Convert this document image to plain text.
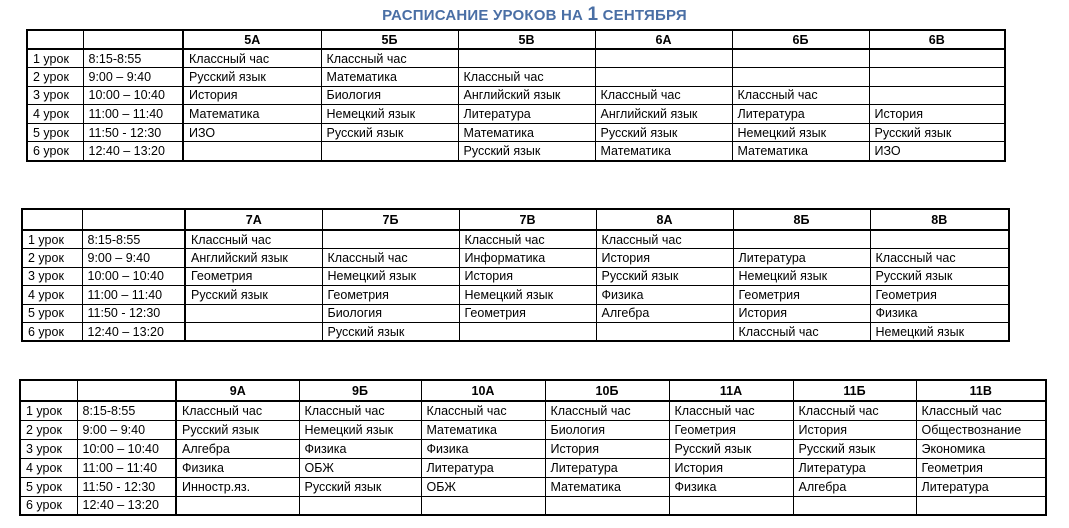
РАСПИСАНИЕ УРОКОВ НА 1 СЕНТЯБРЯ
		5А	5Б	5В	6А	6Б	6В
1 урок	8:15-8:55	Классный час	Классный час				
2 урок	9:00 – 9:40	Русский язык	Математика	Классный час			
3 урок	10:00 – 10:40	История	Биология	Английский язык	Классный час	Классный час	
4 урок	11:00 – 11:40	Математика	Немецкий язык	Литература	Английский язык	Литература	История
5 урок	11:50 - 12:30	ИЗО	Русский язык	Математика	Русский язык	Немецкий язык	Русский язык
6 урок	12:40 – 13:20			Русский язык	Математика	Математика	ИЗО
		7А	7Б	7В	8А	8Б	8В
1 урок	8:15-8:55	Классный час		Классный час	Классный час		
2 урок	9:00 – 9:40	Английский язык	Классный час	Информатика	История	Литература	Классный час
3 урок	10:00 – 10:40	Геометрия	Немецкий язык	История	Русский язык	Немецкий язык	Русский язык
4 урок	11:00 – 11:40	Русский язык	Геометрия	Немецкий язык	Физика	Геометрия	Геометрия
5 урок	11:50 - 12:30		Биология	Геометрия	Алгебра	История	Физика
6 урок	12:40 – 13:20		Русский язык			Классный час	Немецкий язык
		9А	9Б	10А	10Б	11А	11Б	11В
1 урок	8:15-8:55	Классный час	Классный час	Классный час	Классный час	Классный час	Классный час	Классный час
2 урок	9:00 – 9:40	Русский язык	Немецкий язык	Математика	Биология	Геометрия	История	Обществознание
3 урок	10:00 – 10:40	Алгебра	Физика	Физика	История	Русский язык	Русский язык	Экономика
4 урок	11:00 – 11:40	Физика	ОБЖ	Литература	Литература	История	Литература	Геометрия
5 урок	11:50 - 12:30	Инностр.яз.	Русский язык	ОБЖ	Математика	Физика	Алгебра	Литература
6 урок	12:40 – 13:20							
